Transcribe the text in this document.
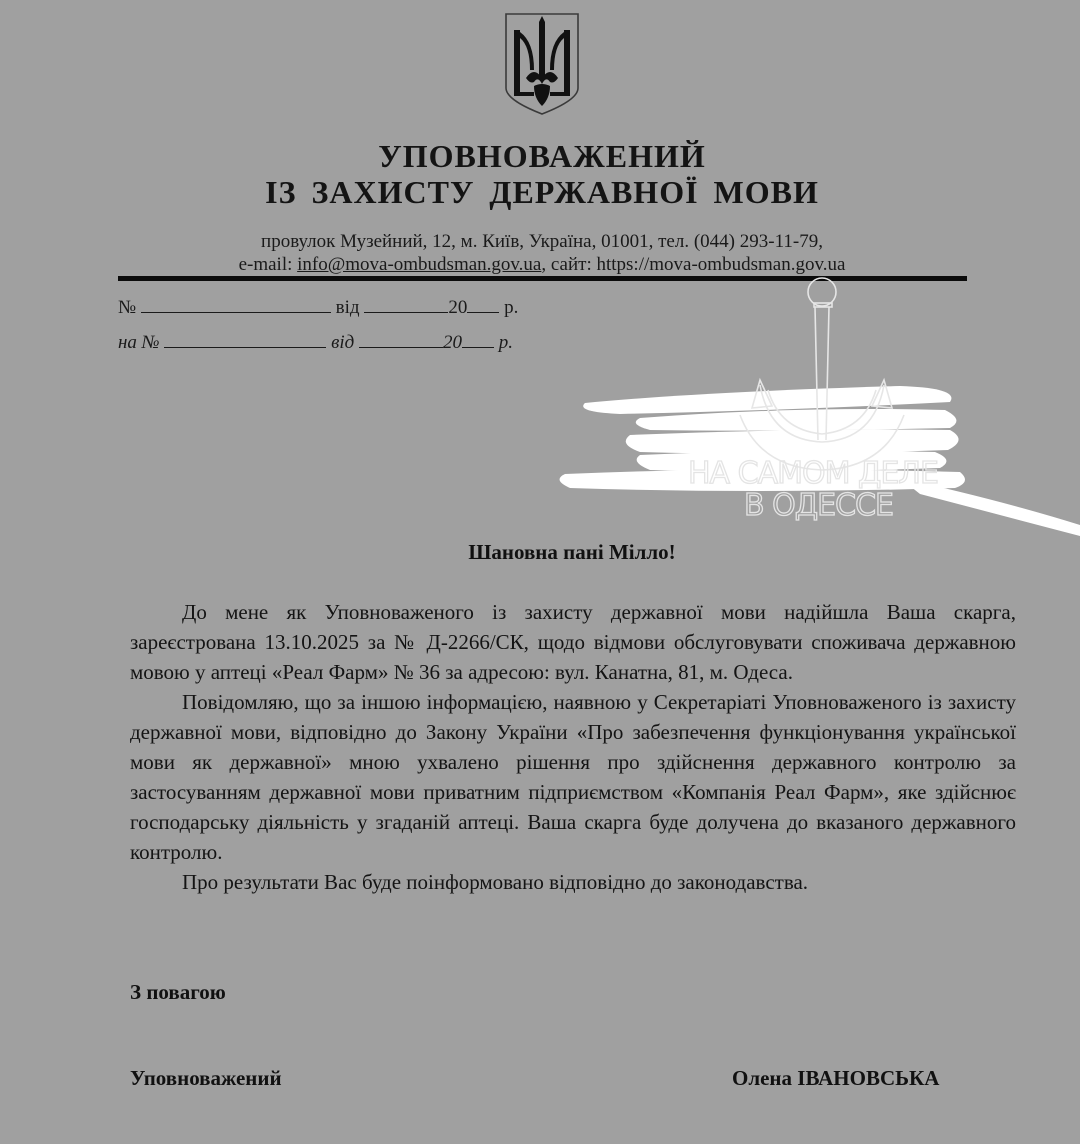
УПОВНОВАЖЕНИЙ
ІЗ ЗАХИСТУ ДЕРЖАВНОЇ МОВИ
провулок Музейний, 12, м. Київ, Україна, 01001, тел. (044) 293-11-79,
e-mail: info@mova-ombudsman.gov.ua, сайт: https://mova-ombudsman.gov.ua
№	від	20 р.
на №	від	20 р.
НА САМОМ ДЕЛЕ
В ОДЕССЕ
Шановна пані Мілло!

До мене як Уповноваженого із захисту державної мови надійшла Ваша скарга, зареєстрована 13.10.2025 за № Д-2266/СК, щодо відмови обслуговувати споживача державною мовою у аптеці «Реал Фарм» № 36 за адресою: вул. Канатна, 81, м. Одеса.

Повідомляю, що за іншою інформацією, наявною у Секретаріаті Уповноваженого із захисту державної мови, відповідно до Закону України «Про забезпечення функціонування української мови як державної» мною ухвалено рішення про здійснення державного контролю за застосуванням державної мови приватним підприємством «Компанія Реал Фарм», яке здійснює господарську діяльність у згаданій аптеці. Ваша скарга буде долучена до вказаного державного контролю.

Про результати Вас буде поінформовано відповідно до законодавства.

З повагою
Уповноважений	Олена ІВАНОВСЬКА
